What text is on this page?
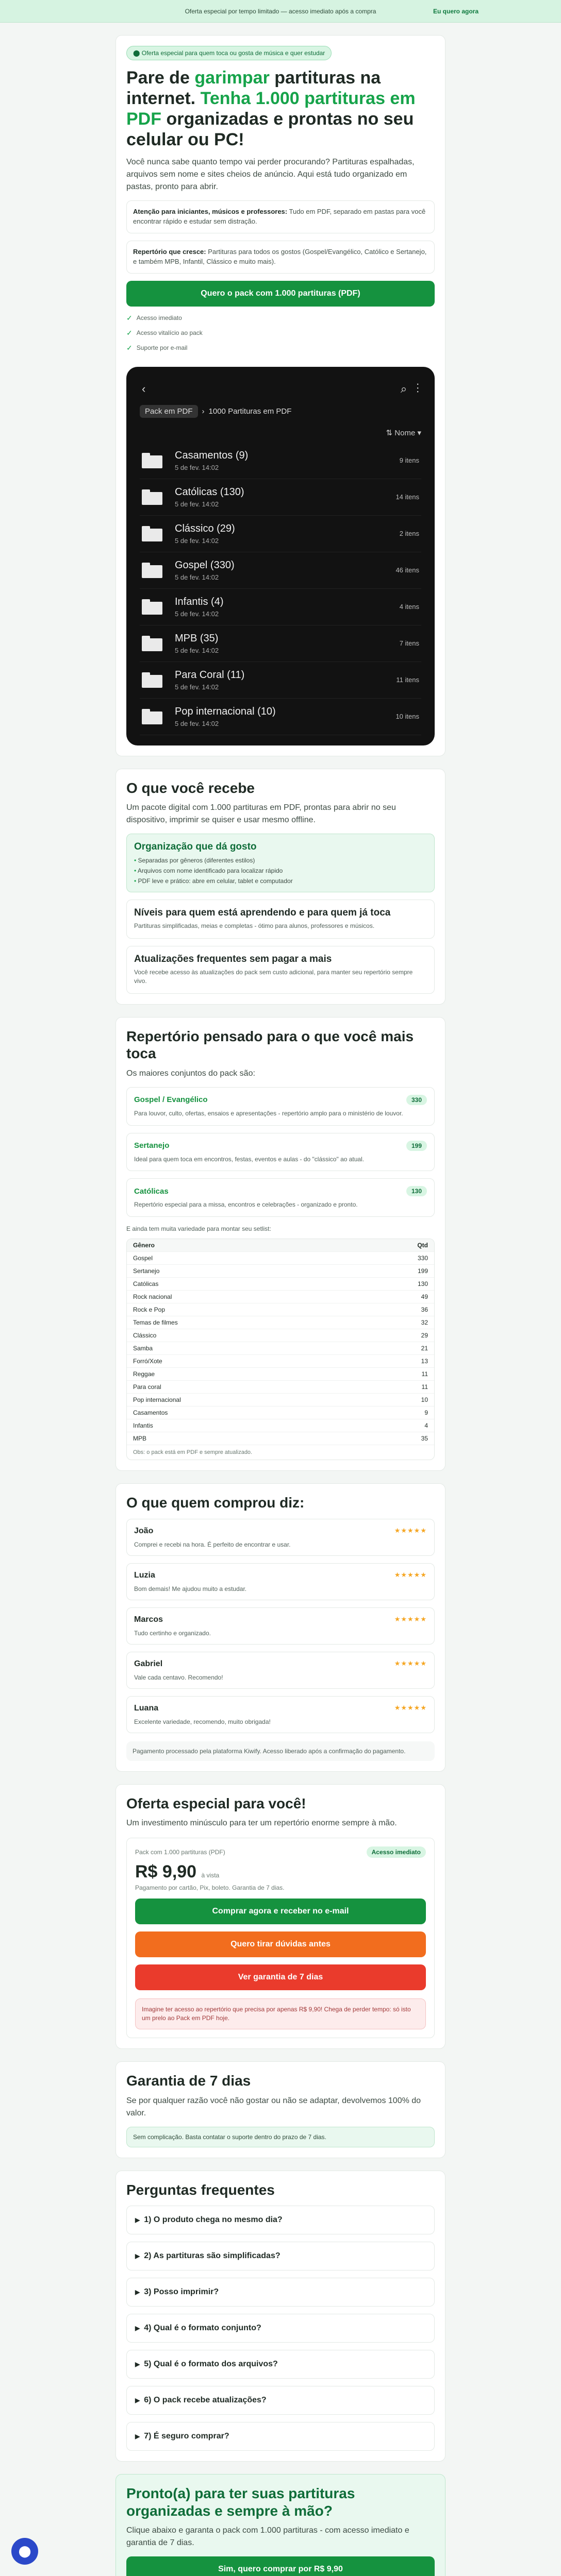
Oferta especial por tempo limitado — acesso imediato após a compra	Eu quero agora
⬤ Oferta especial para quem toca ou gosta de música e quer estudar
Pare de garimpar partituras na internet. Tenha 1.000 partituras em PDF organizadas e prontas no seu celular ou PC!

Você nunca sabe quanto tempo vai perder procurando? Partituras espalhadas, arquivos sem nome e sites cheios de anúncio. Aqui está tudo organizado em pastas, pronto para abrir.

Atenção para iniciantes, músicos e professores: Tudo em PDF, separado em pastas para você encontrar rápido e estudar sem distração.
Repertório que cresce: Partituras para todos os gostos (Gospel/Evangélico, Católico e Sertanejo, e também MPB, Infantil, Clássico e muito mais).
Quero o pack com 1.000 partituras (PDF)
✓ Acesso imediato
✓ Acesso vitalício ao pack
✓ Suporte por e-mail
‹	⌕ ⋮
Pack em PDF	› 1000 Partituras em PDF
⇅ Nome ▾
Casamentos (9)
5 de fev. 14:02
9 itens
Católicas (130)
5 de fev. 14:02
14 itens
Clássico (29)
5 de fev. 14:02
2 itens
Gospel (330)
5 de fev. 14:02
46 itens
Infantis (4)
5 de fev. 14:02
4 itens
MPB (35)
5 de fev. 14:02
7 itens
Para Coral (11)
5 de fev. 14:02
11 itens
Pop internacional (10)
5 de fev. 14:02
10 itens
O que você recebe

Um pacote digital com 1.000 partituras em PDF, prontas para abrir no seu dispositivo, imprimir se quiser e usar mesmo offline.

Organização que dá gosto
• Separadas por gêneros (diferentes estilos)
• Arquivos com nome identificado para localizar rápido
• PDF leve e prático: abre em celular, tablet e computador
Níveis para quem está aprendendo e para quem já toca

Partituras simplificadas, meias e completas - ótimo para alunos, professores e músicos.

Atualizações frequentes sem pagar a mais

Você recebe acesso às atualizações do pack sem custo adicional, para manter seu repertório sempre vivo.

Repertório pensado para o que você mais toca

Os maiores conjuntos do pack são:

Gospel / Evangélico	330

Para louvor, culto, ofertas, ensaios e apresentações - repertório amplo para o ministério de louvor.

Sertanejo	199

Ideal para quem toca em encontros, festas, eventos e aulas - do "clássico" ao atual.

Católicas	130

Repertório especial para a missa, encontros e celebrações - organizado e pronto.

E ainda tem muita variedade para montar seu setlist:

Gênero	Qtd
Gospel	330
Sertanejo	199
Católicas	130
Rock nacional	49
Rock e Pop	36
Temas de filmes	32
Clássico	29
Samba	21
Forró/Xote	13
Reggae	11
Para coral	11
Pop internacional	10
Casamentos	9
Infantis	4
MPB	35
Obs: o pack está em PDF e sempre atualizado.
O que quem comprou diz:
João	★★★★★

Comprei e recebi na hora. É perfeito de encontrar e usar.

Luzia	★★★★★

Bom demais! Me ajudou muito a estudar.

Marcos	★★★★★

Tudo certinho e organizado.

Gabriel	★★★★★

Vale cada centavo. Recomendo!

Luana	★★★★★

Excelente variedade, recomendo, muito obrigada!

Pagamento processado pela plataforma Kiwify. Acesso liberado após a confirmação do pagamento.
Oferta especial para você!

Um investimento minúsculo para ter um repertório enorme sempre à mão.

Pack com 1.000 partituras (PDF)	Acesso imediato
R$ 9,90 à vista
Pagamento por cartão, Pix, boleto. Garantia de 7 dias.
Comprar agora e receber no e-mail
Quero tirar dúvidas antes
Ver garantia de 7 dias
Imagine ter acesso ao repertório que precisa por apenas R$ 9,90! Chega de perder tempo: só isto um prelo ao Pack em PDF hoje.
Garantia de 7 dias

Se por qualquer razão você não gostar ou não se adaptar, devolvemos 100% do valor.

Sem complicação. Basta contatar o suporte dentro do prazo de 7 dias.
Perguntas frequentes
▶ 1) O produto chega no mesmo dia?
▶ 2) As partituras são simplificadas?
▶ 3) Posso imprimir?
▶ 4) Qual é o formato conjunto?
▶ 5) Qual é o formato dos arquivos?
▶ 6) O pack recebe atualizações?
▶ 7) É seguro comprar?
Pronto(a) para ter suas partituras organizadas e sempre à mão?

Clique abaixo e garanta o pack com 1.000 partituras - com acesso imediato e garantia de 7 dias.

Sim, quero comprar por R$ 9,90
⬤
